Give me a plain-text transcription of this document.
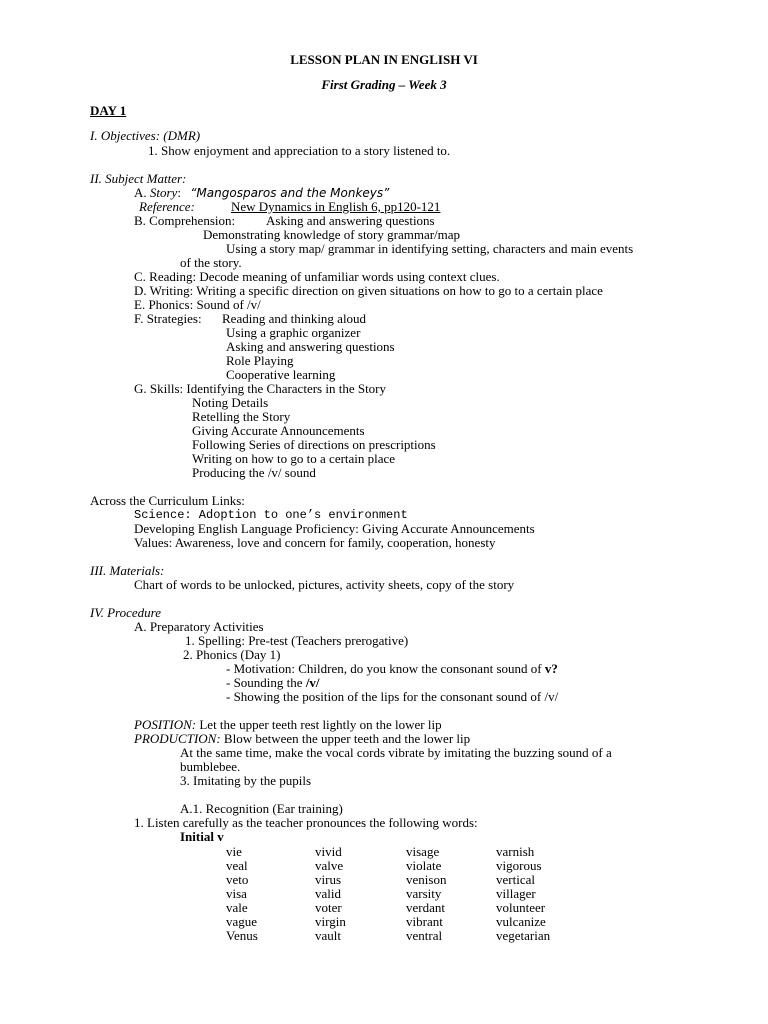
LESSON PLAN IN ENGLISH VI
First Grading – Week 3
DAY 1
I. Objectives: (DMR)
1. Show enjoyment and appreciation to a story listened to.
II. Subject Matter:
A. Story: “Mangosparos and the Monkeys”
Reference:	New Dynamics in English 6, pp120-121
B. Comprehension: Asking and answering questions
Demonstrating knowledge of story grammar/map
Using a story map/ grammar in identifying setting, characters and main events
of the story.
C. Reading: Decode meaning of unfamiliar words using context clues.
D. Writing: Writing a specific direction on given situations on how to go to a certain place
E. Phonics: Sound of /v/
F. Strategies: Reading and thinking aloud
Using a graphic organizer
Asking and answering questions
Role Playing
Cooperative learning
G. Skills: Identifying the Characters in the Story
Noting Details
Retelling the Story
Giving Accurate Announcements
Following Series of directions on prescriptions
Writing on how to go to a certain place
Producing the /v/ sound
Across the Curriculum Links:
Science: Adoption to one’s environment
Developing English Language Proficiency: Giving Accurate Announcements
Values: Awareness, love and concern for family, cooperation, honesty
III. Materials:
Chart of words to be unlocked, pictures, activity sheets, copy of the story
IV. Procedure
A. Preparatory Activities
1. Spelling: Pre-test (Teachers prerogative)
2. Phonics (Day 1)
- Motivation: Children, do you know the consonant sound of v?
- Sounding the /v/
- Showing the position of the lips for the consonant sound of /v/
POSITION: Let the upper teeth rest lightly on the lower lip
PRODUCTION: Blow between the upper teeth and the lower lip
At the same time, make the vocal cords vibrate by imitating the buzzing sound of a
bumblebee.
3. Imitating by the pupils
A.1. Recognition (Ear training)
1. Listen carefully as the teacher pronounces the following words:
Initial v
vie
veal
veto
visa
vale
vague
Venus
vivid
valve
virus
valid
voter
virgin
vault
visage
violate
venison
varsity
verdant
vibrant
ventral
varnish
vigorous
vertical
villager
volunteer
vulcanize
vegetarian
